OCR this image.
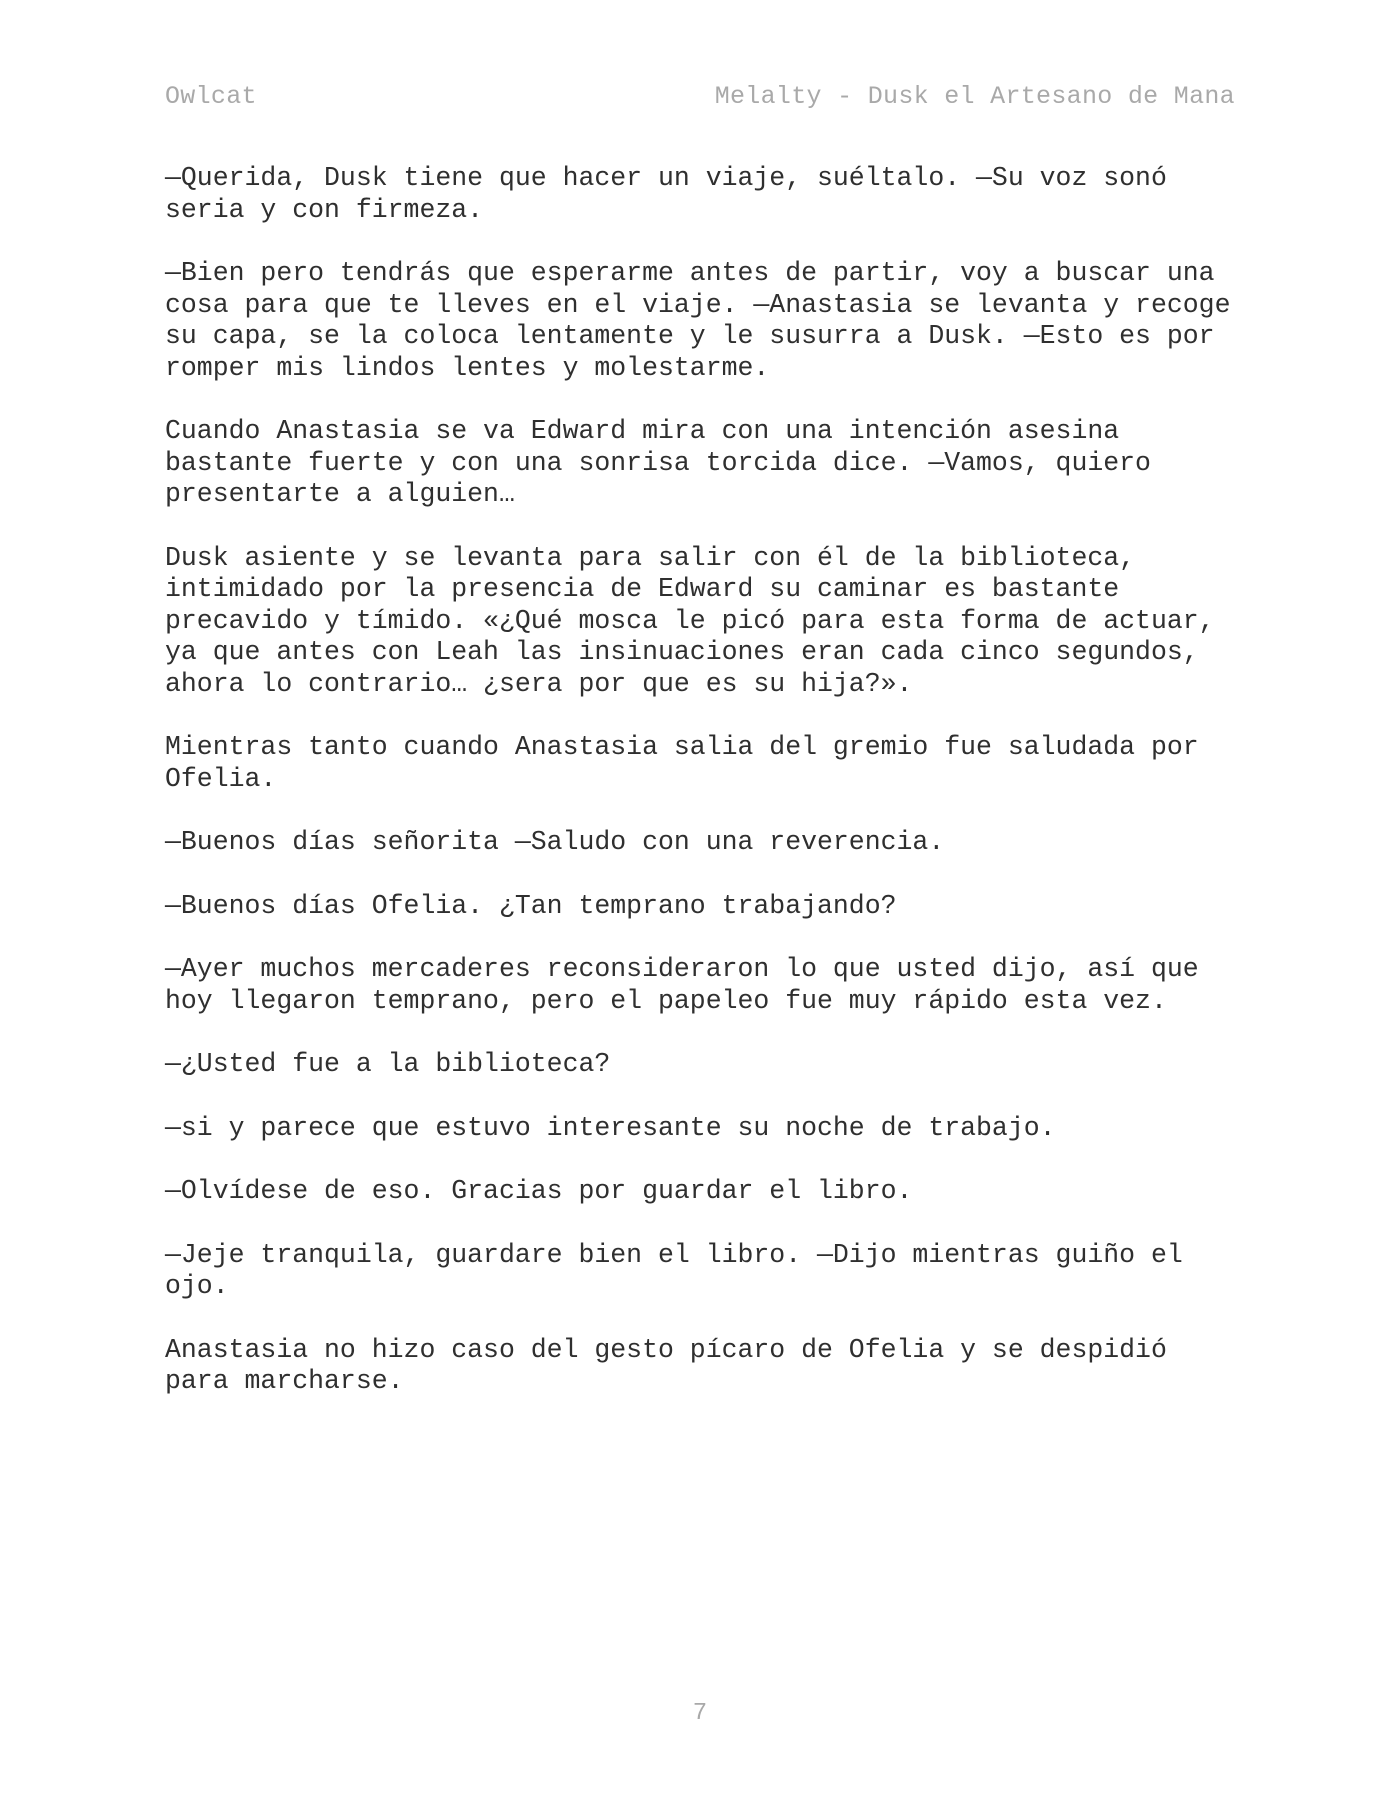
Owlcat	Melalty - Dusk el Artesano de Mana

—Querida, Dusk tiene que hacer un viaje, suéltalo. —Su voz sonó seria y con firmeza.

—Bien pero tendrás que esperarme antes de partir, voy a buscar una cosa para que te lleves en el viaje. —Anastasia se levanta y recoge su capa, se la coloca lentamente y le susurra a Dusk. —Esto es por romper mis lindos lentes y molestarme.

Cuando Anastasia se va Edward mira con una intención asesina bastante fuerte y con una sonrisa torcida dice. —Vamos, quiero presentarte a alguien…

Dusk asiente y se levanta para salir con él de la biblioteca, intimidado por la presencia de Edward su caminar es bastante precavido y tímido. «¿Qué mosca le picó para esta forma de actuar, ya que antes con Leah las insinuaciones eran cada cinco segundos, ahora lo contrario… ¿sera por que es su hija?».

Mientras tanto cuando Anastasia salia del gremio fue saludada por Ofelia.

—Buenos días señorita —Saludo con una reverencia.

—Buenos días Ofelia. ¿Tan temprano trabajando?

—Ayer muchos mercaderes reconsideraron lo que usted dijo, así que hoy llegaron temprano, pero el papeleo fue muy rápido esta vez.

—¿Usted fue a la biblioteca?

—si y parece que estuvo interesante su noche de trabajo.

—Olvídese de eso. Gracias por guardar el libro.

—Jeje tranquila, guardare bien el libro. —Dijo mientras guiño el ojo.

Anastasia no hizo caso del gesto pícaro de Ofelia y se despidió para marcharse.

7
